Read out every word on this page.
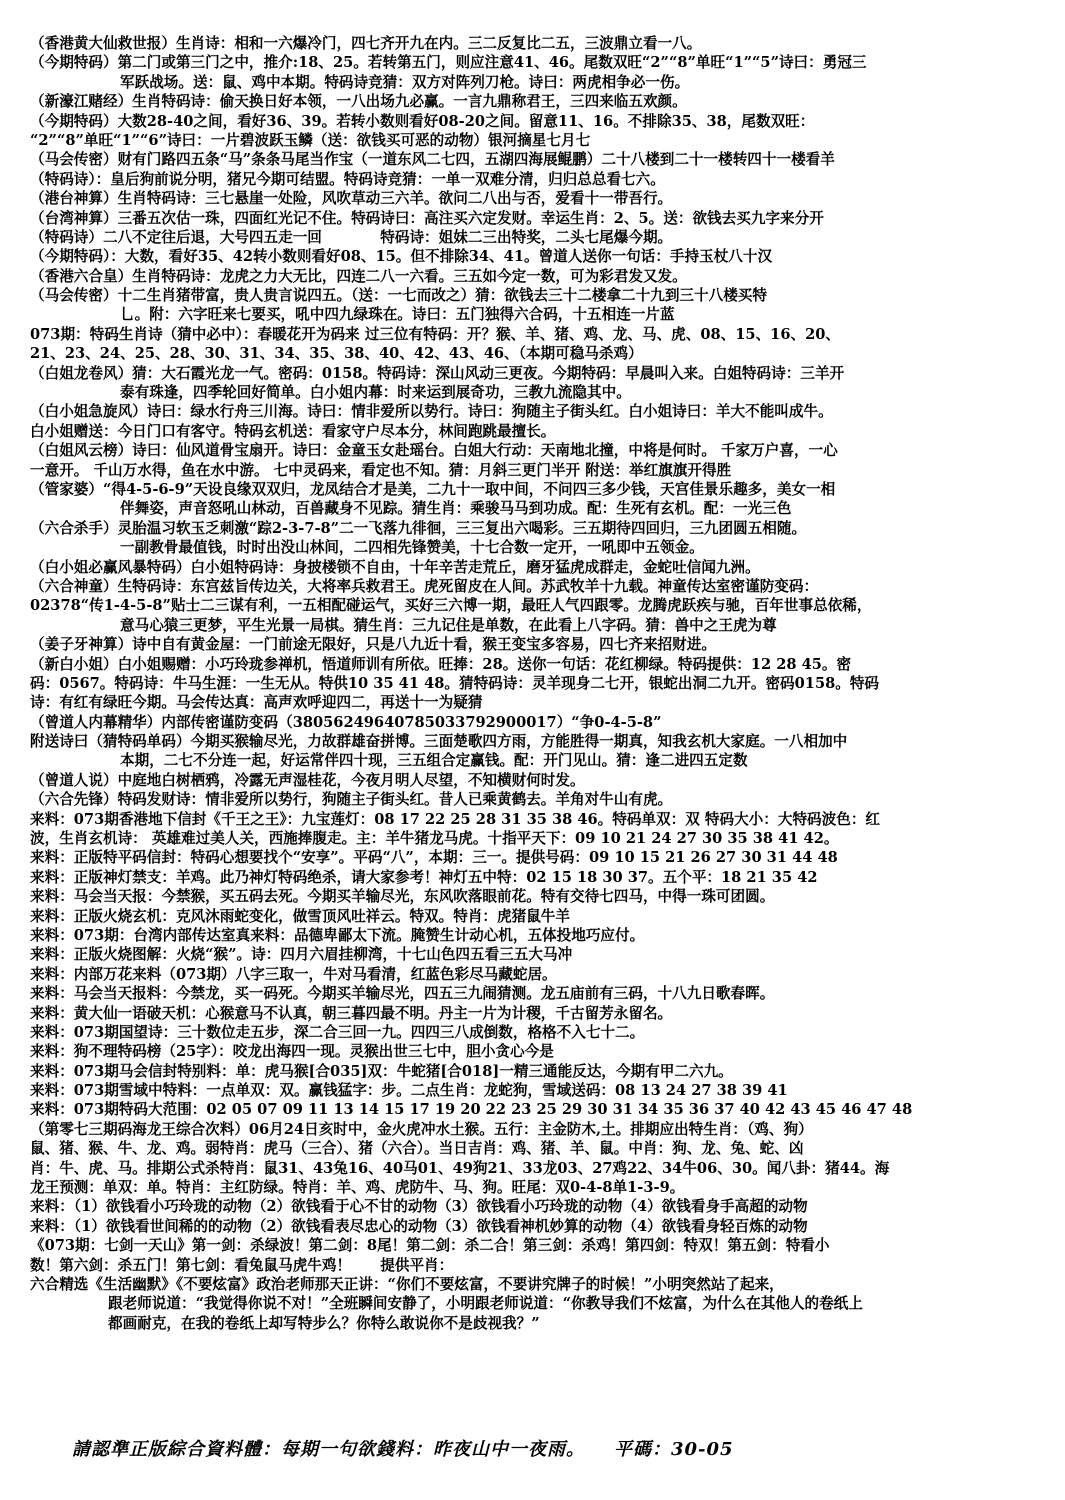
（香港黄大仙救世报）生肖诗：相和一六爆冷门，四七齐开九在内。三二反复比二五，三波鼎立看一八。
（今期特码）第二门或第三门之中，推介:18、25。若转第五门，则应注意41、46。尾数双旺“2”“8”单旺“1”“5”诗曰：勇冠三
军跃战场。送：鼠、鸡中本期。特码诗竞猜：双方对阵列刀枪。诗曰：两虎相争必一伤。
（新濠江赌经）生肖特码诗：偷天换日好本领，一八出场九必赢。一言九鼎称君王，三四来临五欢颜。
（今期特码）大数28-40之间，看好36、39。若转小数则看好08-20之间。留意11、16。不排除35、38，尾数双旺：
“2”“8”单旺“1”“6”诗曰：一片碧波跃玉鳞（送：欲钱买可恶的动物）银河摘星七月七
（马会传密）财有门路四五条“马”条条马尾当作宝（一道东风二七四，五湖四海展鲲鹏）二十八楼到二十一楼转四十一楼看羊
（特码诗）：皇后狗前说分明，猪兄今期可结盟。特码诗竞猜：一单一双难分清，归归总总看七六。
（港台神算）生肖特码诗：三七悬崖一处险，风吹草动三六羊。欲问二八出与否，爱看十一带吾行。
（台湾神算）三番五次估一珠，四面红光记不住。特码诗曰：高注买六定发财。幸运生肖：2、5。送：欲钱去买九字来分开
（特码诗）二八不定往后退，大号四五走一回　　　　特码诗：姐妹二三出特奖，二头七尾爆今期。
（今期特码）：大数，看好35、42转小数则看好08、15。但不排除34、41。曾道人送你一句话：手持玉杖八十汉
（香港六合皇）生肖特码诗：龙虎之力大无比，四连二八一六看。三五如今定一数，可为彩君发又发。
（马会传密）十二生肖猪带富，贵人贵言说四五。（送：一七而改之）猜：欲钱去三十二楼拿二十九到三十八楼买特
乚。附：六字旺来七要买，吼中四九绿珠在。诗曰：五门独得六合码，十五相连一片蓝
073期：特码生肖诗（猜中必中）：春暖花开为码来 过三位有特码：开？猴、羊、猪、鸡、龙、马、虎、08、15、16、20、
21、23、24、25、28、30、31、34、35、38、40、42、43、46、（本期可稳马杀鸡）
（白姐龙卷风）猜：大石霞光龙一气。密码：0158。特码诗：深山风动三更夜。今期特码：早晨叫入来。白姐特码诗：三羊开
泰有珠逢，四季轮回好简单。白小姐内幕：时来运到展奇功，三教九流隐其中。
（白小姐急旋风）诗曰：绿水行舟三川海。诗曰：情非爱所以势行。诗曰：狗随主子街头红。白小姐诗曰：羊大不能叫成牛。
白小姐赠送：今日门口有客守。特码玄机送：看家守户尽本分，林间跑跳最擅长。
（白姐风云榜）诗曰：仙风道骨宝扇开。诗曰：金童玉女赴瑶台。白姐大行动：天南地北撞，中将是何时。 千家万户喜，一心
一意开。 千山万水得，鱼在水中游。 七中灵码来，看定也不知。猜：月斜三更门半开 附送：举红旗旗开得胜
（管家婆）“得4-5-6-9”天设良缘双双归，龙凤结合才是美，二九十一取中间，不问四三多少钱，天宫佳景乐趣多，美女一相
伴舞姿，声音怒吼山林动，百兽藏身不见踪。猜生肖：乘骏马马到功成。配：生死有玄机。配：一光三色
（六合杀手）灵胎温习软玉乏刺激“踪2-3-7-8”二一飞落九徘徊，三三复出六喝彩。三五期待四回归，三九团圆五相随。
一副教骨最值钱，时时出没山林间，二四相先锋赞美，十七合数一定开，一吼即中五领金。
（白小姐必赢风暴特码）白小姐特码诗：身披楼锁不自由，十年辛苦走荒丘，磨牙猛虎成群走，金蛇吐信闻九洲。
（六合神童）生特码诗：东宫兹旨传边关，大将率兵救君王。虎死留皮在人间。苏武牧羊十九载。神童传达室密谨防变码：
02378“传1-4-5-8”贴士二三谋有利，一五相配碰运气，买好三六博一期，最旺人气四跟零。龙腾虎跃疾与驰，百年世事总依稀，
意马心猿三更梦，平生光景一局棋。猜生肖：三九记住是单数，在此看上八字码。猜：兽中之王虎为尊
（姜子牙神算）诗中自有黄金屋：一门前途无限好，只是八九近十看，猴王变宝多容易，四七齐来招财进。
（新白小姐）白小姐赐赠：小巧玲珑参禅机，悟道师训有所依。旺捧：28。送你一句话：花红柳绿。特码提供：12 28 45。密
码：0567。特码诗：牛马生涯：一生无从。特供10 35 41 48。猜特码诗：灵羊现身二七开，银蛇出洞二九开。密码0158。特码
诗：有红有绿旺今期。马会传达真：高声欢呼迎四二，再送十一为疑猜
（曾道人内幕精华）内部传密谨防变码（38056249640785033792900017）“争0-4-5-8”
附送诗曰（猜特码单码）今期买猴输尽光，力故群雄奋拼博。三面楚歌四方雨，方能胜得一期真，知我玄机大家庭。一八相加中
本期，二七不分连一起，好运常伴四十现，三五组合定赢钱。配：开门见山。猜：逢二进四五定数
（曾道人说）中庭地白树栖鸦，冷露无声湿桂花，今夜月明人尽望，不知横财何时发。
（六合先锋）特码发财诗：情非爱所以势行，狗随主子街头红。昔人已乘黄鹤去。羊角对牛山有虎。
来料：073期香港地下信封《千王之王》：九宝莲灯：08 17 22 25 28 31 35 38 46。特码单双：双 特码大小：大特码波色：红
波，生肖玄机诗： 英雄难过美人关，西施捧腹走。主：羊牛猪龙马虎。十指平天下：09 10 21 24 27 30 35 38 41 42。
来料：正版特平码信封：特码心想要找个“安享”。平码“八”，本期：三一。提供号码：09 10 15 21 26 27 30 31 44 48
来料：正版神灯禁支：羊鸡。此乃神灯特码绝杀，请大家参考！神灯五中特：02 15 18 30 37。五个平：18 21 35 42
来料：马会当天报：今禁猴，买五码去死。今期买羊输尽光，东风吹落眼前花。特有交待七四马，中得一珠可团圆。
来料：正版火烧玄机：克风沐雨蛇变化，做雪顶风吐祥云。特双。特肖：虎猪鼠牛羊
来料：073期：台湾内部传达室真来料：品德卑鄙太下流。腌赞生计动心机，五体投地巧应付。
来料：正版火烧图解：火烧“猴”。诗：四月六眉挂柳湾，十七山色四五看三五大马冲
来料：内部万花来料（073期）八字三取一，牛对马看清，红蓝色彩尽马藏蛇居。
来料：马会当天报料：今禁龙，买一码死。今期买羊输尽光，四五三九闹猜测。龙五庙前有三码，十八九日歌春晖。
来料：黄大仙一语破天机：心猴意马不认真，朝三暮四最不明。丹主一片为计稷，千古留芳永留名。
来料：073期国望诗：三十数位走五步，深二合三回一九。四四三八成倒数，格格不入七十二。
来料：狗不理特码榜（25字）：咬龙出海四一现。灵猴出世三七中，胆小贪心今是
来料：073期马会信封特别料：单：虎马猴[合035]双：牛蛇猪[合018]一精三通能反达，今期有甲二六九。
来料：073期雪域中特料：一点单双：双。赢钱猛字：步。二点生肖：龙蛇狗，雪域送码：08 13 24 27 38 39 41
来料：073期特码大范围：02 05 07 09 11 13 14 15 17 19 20 22 23 25 29 30 31 34 35 36 37 40 42 43 45 46 47 48
（第零七三期码海龙王综合次料）06月24日亥时中，金火虎冲水土猴。五行：主金防木,土。排期应出特生肖：（鸡、狗）
鼠、猪、猴、牛、龙、鸡。弱特肖：虎马（三合）、猪（六合）。当日吉肖：鸡、猪、羊、鼠。中肖：狗、龙、兔、蛇、凶
肖：牛、虎、马。排期公式杀特肖：鼠31、43兔16、40马01、49狗21、33龙03、27鸡22、34牛06、30。闻八卦：猪44。海
龙王预测：单双：单。特肖：主红防绿。特肖：羊、鸡、虎防牛、马、狗。旺尾：双0-4-8单1-3-9。
来料：（1）欲钱看小巧玲珑的动物（2）欲钱看于心不甘的动物（3）欲钱看小巧玲珑的动物（4）欲钱看身手高超的动物
来料：（1）欲钱看世间稀的的动物（2）欲钱看表尽忠心的动物（3）欲钱看神机妙算的动物（4）欲钱看身轻百炼的动物
《073期：七剑一天山》第一剑：杀绿波！第二剑：8尾！第二剑：杀二合！第三剑：杀鸡！第四剑：特双！第五剑：特看小
数！第六剑：杀五门！第七剑：看兔鼠马虎牛鸡！　　提供平肖：
六合精选《生活幽默》《不要炫富》政治老师那天正讲：“你们不要炫富，不要讲究牌子的时候！”小明突然站了起来，
跟老师说道：“我觉得你说不对！”全班瞬间安静了，小明跟老师说道：“你教导我们不炫富，为什么在其他人的卷纸上
都画耐克，在我的卷纸上却写特步么？你特么敢说你不是歧视我？”
請認準正版綜合資料體：每期一句欲錢料：昨夜山中一夜雨。　　平碼：30-05
